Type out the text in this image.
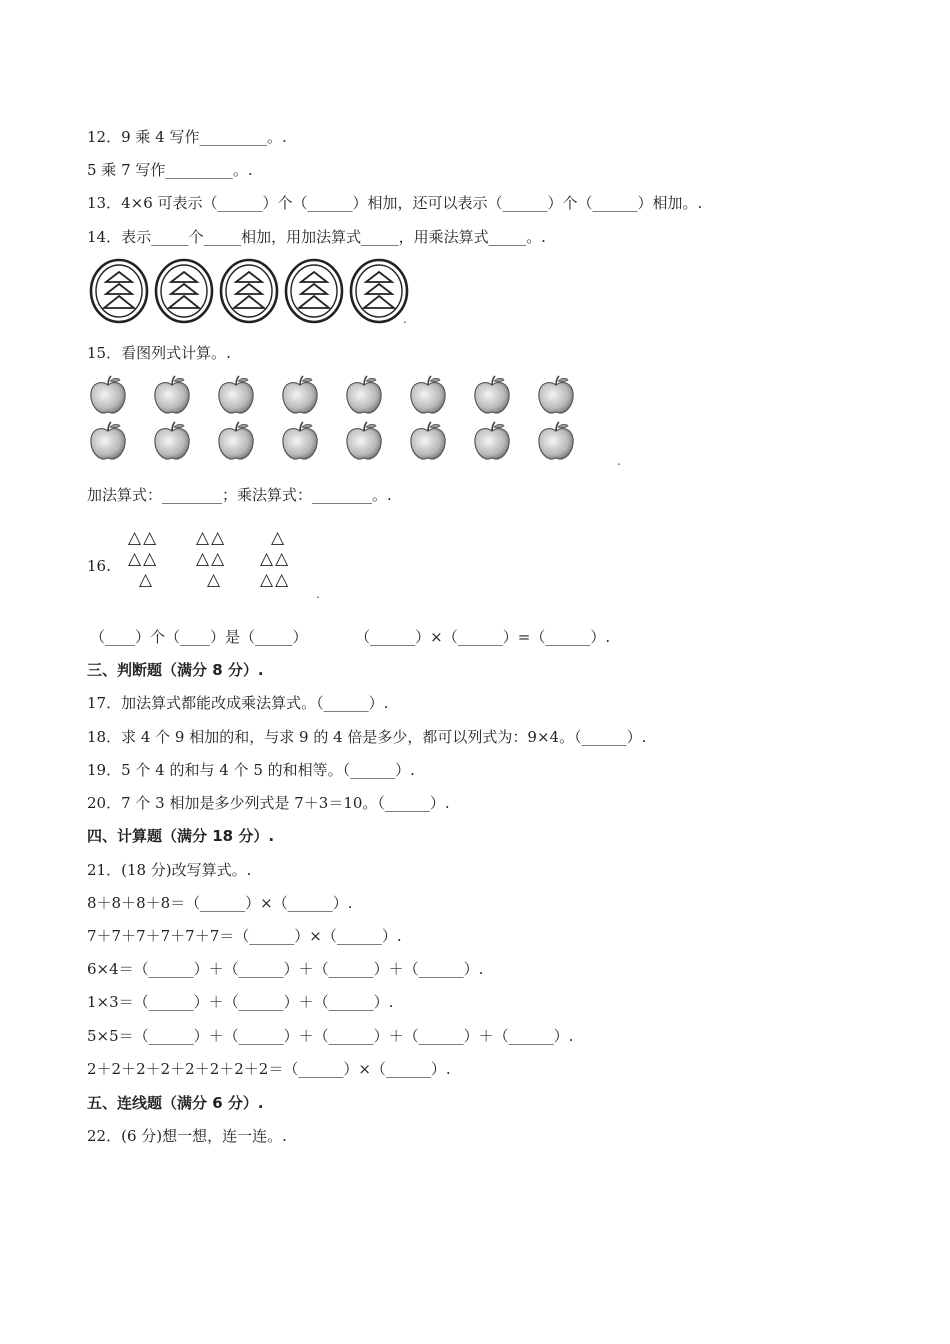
12．9 乘 4 写作_________。.
5 乘 7 写作_________。.
13．4×6 可表示（______）个（______）相加，还可以表示（______）个（______）相加。.
14．表示_____个_____相加，用加法算式_____，用乘法算式_____。.
.
15．看图列式计算。.
.
加法算式：________；乘法算式：________。.
16.
△△
△△
△
△△
△△
△
△
△△
△△
.
（____）个（____）是（_____）          （______）×（______）=（______）.
三、判断题（满分 8 分）.
17．加法算式都能改成乘法算式。（______）.
18．求 4 个 9 相加的和，与求 9 的 4 倍是多少，都可以列式为：9×4。（______）.
19．5 个 4 的和与 4 个 5 的和相等。（______）.
20．7 个 3 相加是多少列式是 7＋3＝10。（______）.
四、计算题（满分 18 分）.
21．(18 分)改写算式。.
8＋8＋8＋8＝（______）×（______）.
7＋7＋7＋7＋7＋7＝（______）×（______）.
6×4＝（______）＋（______）＋（______）＋（______）.
1×3＝（______）＋（______）＋（______）.
5×5＝（______）＋（______）＋（______）＋（______）＋（______）.
2＋2＋2＋2＋2＋2＋2＋2＝（______）×（______）.
五、连线题（满分 6 分）.
22．(6 分)想一想，连一连。.
